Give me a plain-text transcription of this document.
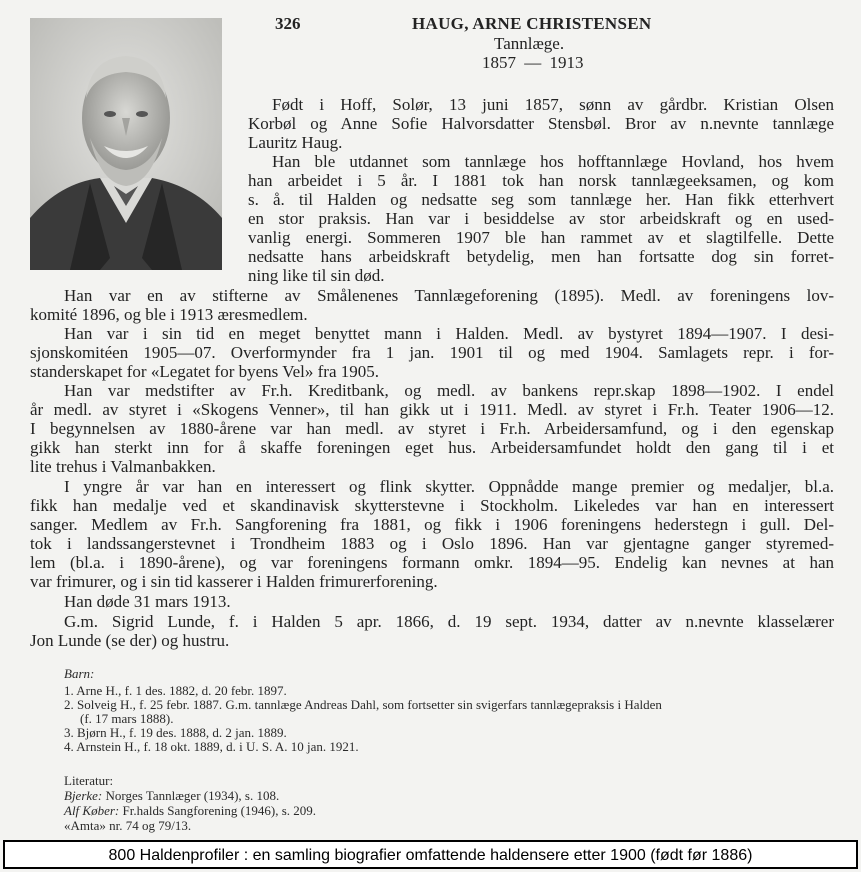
326	HAUG, ARNE CHRISTENSEN
Tannlæge.
1857 — 1913
Født i Hoff, Solør, 13 juni 1857, sønn av gårdbr. Kristian Olsen
Korbøl og Anne Sofie Halvorsdatter Stensbøl. Bror av n.nevnte tannlæge
Lauritz Haug.
Han ble utdannet som tannlæge hos hofftannlæge Hovland, hos hvem
han arbeidet i 5 år. I 1881 tok han norsk tannlægeeksamen, og kom
s. å. til Halden og nedsatte seg som tannlæge her. Han fikk etterhvert
en stor praksis. Han var i besiddelse av stor arbeidskraft og en used-
vanlig energi. Sommeren 1907 ble han rammet av et slagtilfelle. Dette
nedsatte hans arbeidskraft betydelig, men han fortsatte dog sin forret-
ning like til sin død.
Han var en av stifterne av Smålenenes Tannlægeforening (1895). Medl. av foreningens lov-
komité 1896, og ble i 1913 æresmedlem.
Han var i sin tid en meget benyttet mann i Halden. Medl. av bystyret 1894—1907. I desi-
sjonskomitéen 1905—07. Overformynder fra 1 jan. 1901 til og med 1904. Samlagets repr. i for-
standerskapet for «Legatet for byens Vel» fra 1905.
Han var medstifter av Fr.h. Kreditbank, og medl. av bankens repr.skap 1898—1902. I endel
år medl. av styret i «Skogens Venner», til han gikk ut i 1911. Medl. av styret i Fr.h. Teater 1906—12.
I begynnelsen av 1880-årene var han medl. av styret i Fr.h. Arbeidersamfund, og i den egenskap
gikk han sterkt inn for å skaffe foreningen eget hus. Arbeidersamfundet holdt den gang til i et
lite trehus i Valmanbakken.
I yngre år var han en interessert og flink skytter. Oppnådde mange premier og medaljer, bl.a.
fikk han medalje ved et skandinavisk skytterstevne i Stockholm. Likeledes var han en interessert
sanger. Medlem av Fr.h. Sangforening fra 1881, og fikk i 1906 foreningens hederstegn i gull. Del-
tok i landssangerstevnet i Trondheim 1883 og i Oslo 1896. Han var gjentagne ganger styremed-
lem (bl.a. i 1890-årene), og var foreningens formann omkr. 1894—95. Endelig kan nevnes at han
var frimurer, og i sin tid kasserer i Halden frimurerforening.
Han døde 31 mars 1913.
G.m. Sigrid Lunde, f. i Halden 5 apr. 1866, d. 19 sept. 1934, datter av n.nevnte klasselærer
Jon Lunde (se der) og hustru.
Barn:
1. Arne H., f. 1 des. 1882, d. 20 febr. 1897.
2. Solveig H., f. 25 febr. 1887. G.m. tannlæge Andreas Dahl, som fortsetter sin svigerfars tannlægepraksis i Halden
(f. 17 mars 1888).
3. Bjørn H., f. 19 des. 1888, d. 2 jan. 1889.
4. Arnstein H., f. 18 okt. 1889, d. i U. S. A. 10 jan. 1921.
Literatur:
Bjerke: Norges Tannlæger (1934), s. 108.
Alf Køber: Fr.halds Sangforening (1946), s. 209.
«Amta» nr. 74 og 79/13.
800 Haldenprofiler : en samling biografier omfattende haldensere etter 1900 (født før 1886)
